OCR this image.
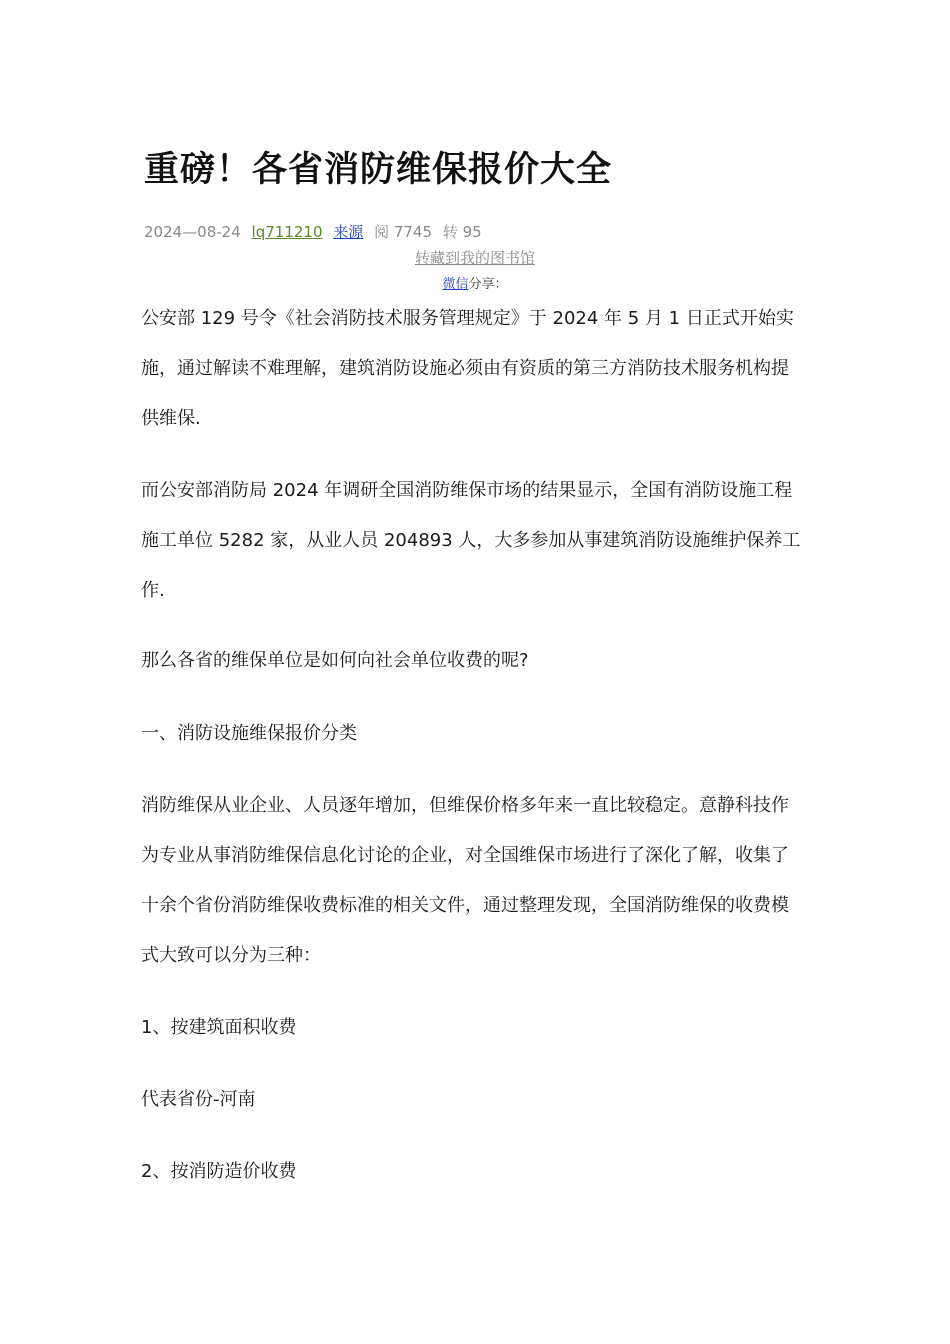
重磅！各省消防维保报价大全
2024—08-24 lq711210 来源 阅 7745 转 95
转藏到我的图书馆
微信分享：

公安部 129 号令《社会消防技术服务管理规定》于 2024 年 5 月 1 日正式开始实施，通过解读不难理解，建筑消防设施必须由有资质的第三方消防技术服务机构提供维保.

而公安部消防局 2024 年调研全国消防维保市场的结果显示，全国有消防设施工程施工单位 5282 家，从业人员 204893 人，大多参加从事建筑消防设施维护保养工作.

那么各省的维保单位是如何向社会单位收费的呢?

一、消防设施维保报价分类

消防维保从业企业、人员逐年增加，但维保价格多年来一直比较稳定。意静科技作为专业从事消防维保信息化讨论的企业，对全国维保市场进行了深化了解，收集了十余个省份消防维保收费标准的相关文件，通过整理发现，全国消防维保的收费模式大致可以分为三种：

1、按建筑面积收费

代表省份-河南

2、按消防造价收费
